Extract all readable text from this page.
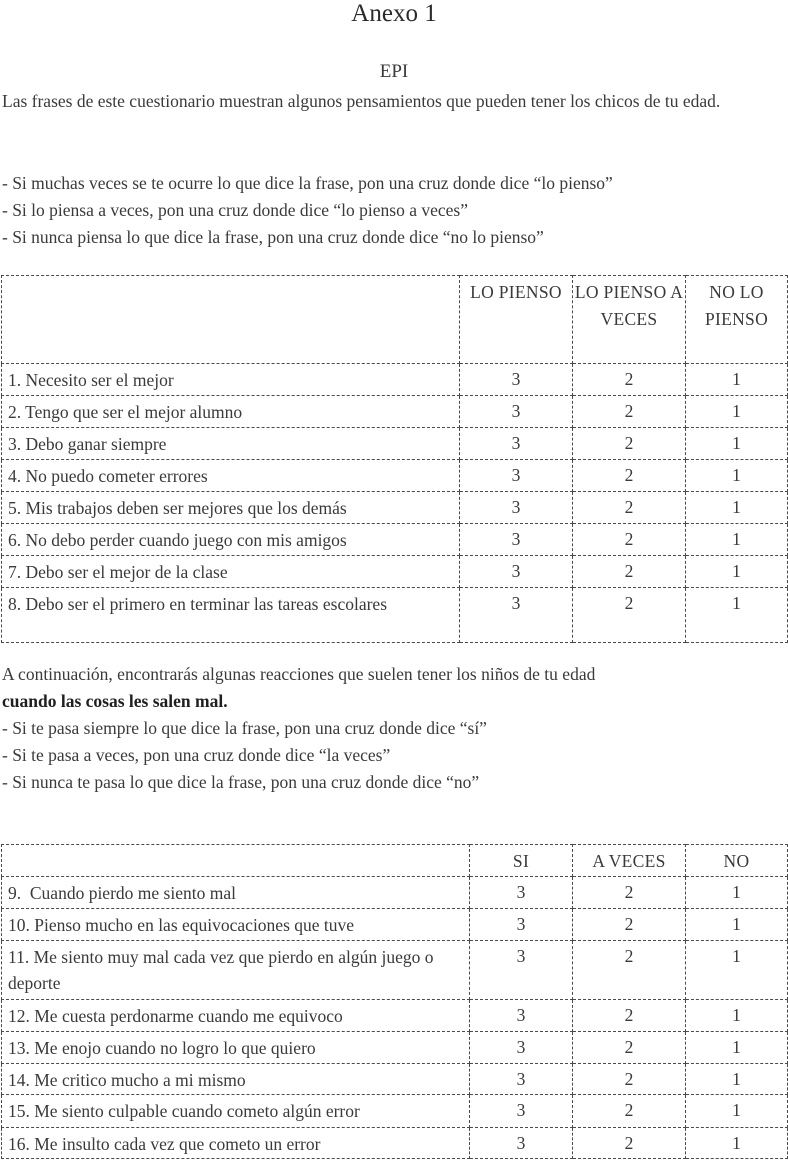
Anexo 1
EPI

Las frases de este cuestionario muestran algunos pensamientos que pueden tener los chicos de tu edad.

- Si muchas veces se te ocurre lo que dice la frase, pon una cruz donde dice “lo pienso”
- Si lo piensa a veces, pon una cruz donde dice “lo pienso a veces”
- Si nunca piensa lo que dice la frase, pon una cruz donde dice “no lo pienso”
	LO PIENSO	LO PIENSO A VECES	NO LO PIENSO
1. Necesito ser el mejor	3	2	1
2. Tengo que ser el mejor alumno	3	2	1
3. Debo ganar siempre	3	2	1
4. No puedo cometer errores	3	2	1
5. Mis trabajos deben ser mejores que los demás	3	2	1
6. No debo perder cuando juego con mis amigos	3	2	1
7. Debo ser el mejor de la clase	3	2	1
8. Debo ser el primero en terminar las tareas escolares	3	2	1
A continuación, encontrarás algunas reacciones que suelen tener los niños de tu edad
cuando las cosas les salen mal.
- Si te pasa siempre lo que dice la frase, pon una cruz donde dice “sí”
- Si te pasa a veces, pon una cruz donde dice “la veces”
- Si nunca te pasa lo que dice la frase, pon una cruz donde dice “no”
	SI	A VECES	NO
9.  Cuando pierdo me siento mal	3	2	1
10. Pienso mucho en las equivocaciones que tuve	3	2	1
11. Me siento muy mal cada vez que pierdo en algún juego o deporte	3	2	1
12. Me cuesta perdonarme cuando me equivoco	3	2	1
13. Me enojo cuando no logro lo que quiero	3	2	1
14. Me critico mucho a mi mismo	3	2	1
15. Me siento culpable cuando cometo algún error	3	2	1
16. Me insulto cada vez que cometo un error	3	2	1
